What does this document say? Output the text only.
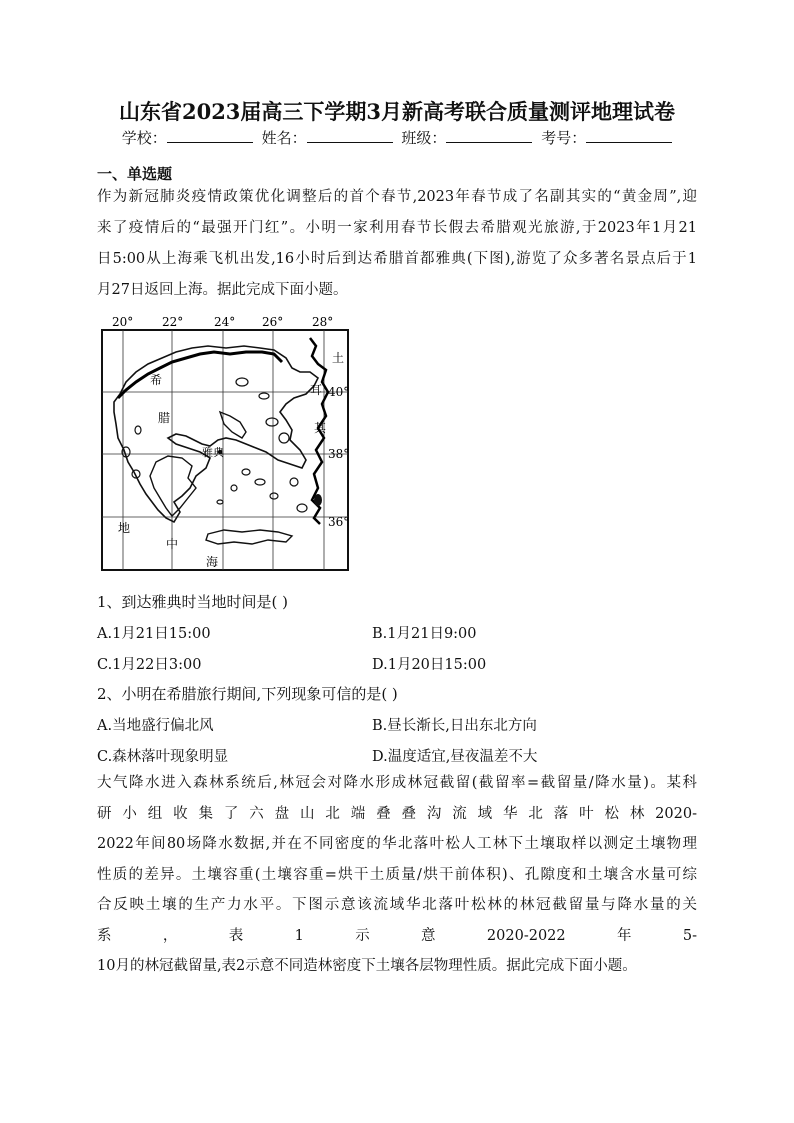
山东省2023届高三下学期3月新高考联合质量测评地理试卷
学校：	姓名：	班级：	考号：
一、单选题

作为新冠肺炎疫情政策优化调整后的首个春节,2023年春节成了名副其实的“黄金周”,迎

来了疫情后的“最强开门红”。小明一家利用春节长假去希腊观光旅游,于2023年1月21

日5:00从上海乘飞机出发,16小时后到达希腊首都雅典(下图),游览了众多著名景点后于1

月27日返回上海。据此完成下面小题。

20° 22°	24° 26° 28°
40°
38°
36°
希
腊
雅典
土
耳
其
地
中
海
1、到达雅典时当地时间是( )
A.1月21日15:00	B.1月21日9:00
C.1月22日3:00	D.1月20日15:00
2、小明在希腊旅行期间,下列现象可信的是( )
A.当地盛行偏北风	B.昼长渐长,日出东北方向
C.森林落叶现象明显	D.温度适宜,昼夜温差不大

大气降水进入森林系统后,林冠会对降水形成林冠截留(截留率=截留量/降水量)。某科

研小组收集了六盘山北端叠叠沟流域华北落叶松林2020-

2022年间80场降水数据,并在不同密度的华北落叶松人工林下土壤取样以测定土壤物理

性质的差异。土壤容重(土壤容重=烘干土质量/烘干前体积)、孔隙度和土壤含水量可综

合反映土壤的生产力水平。下图示意该流域华北落叶松林的林冠截留量与降水量的关

系，表1示意2020-2022年5-

10月的林冠截留量,表2示意不同造林密度下土壤各层物理性质。据此完成下面小题。
